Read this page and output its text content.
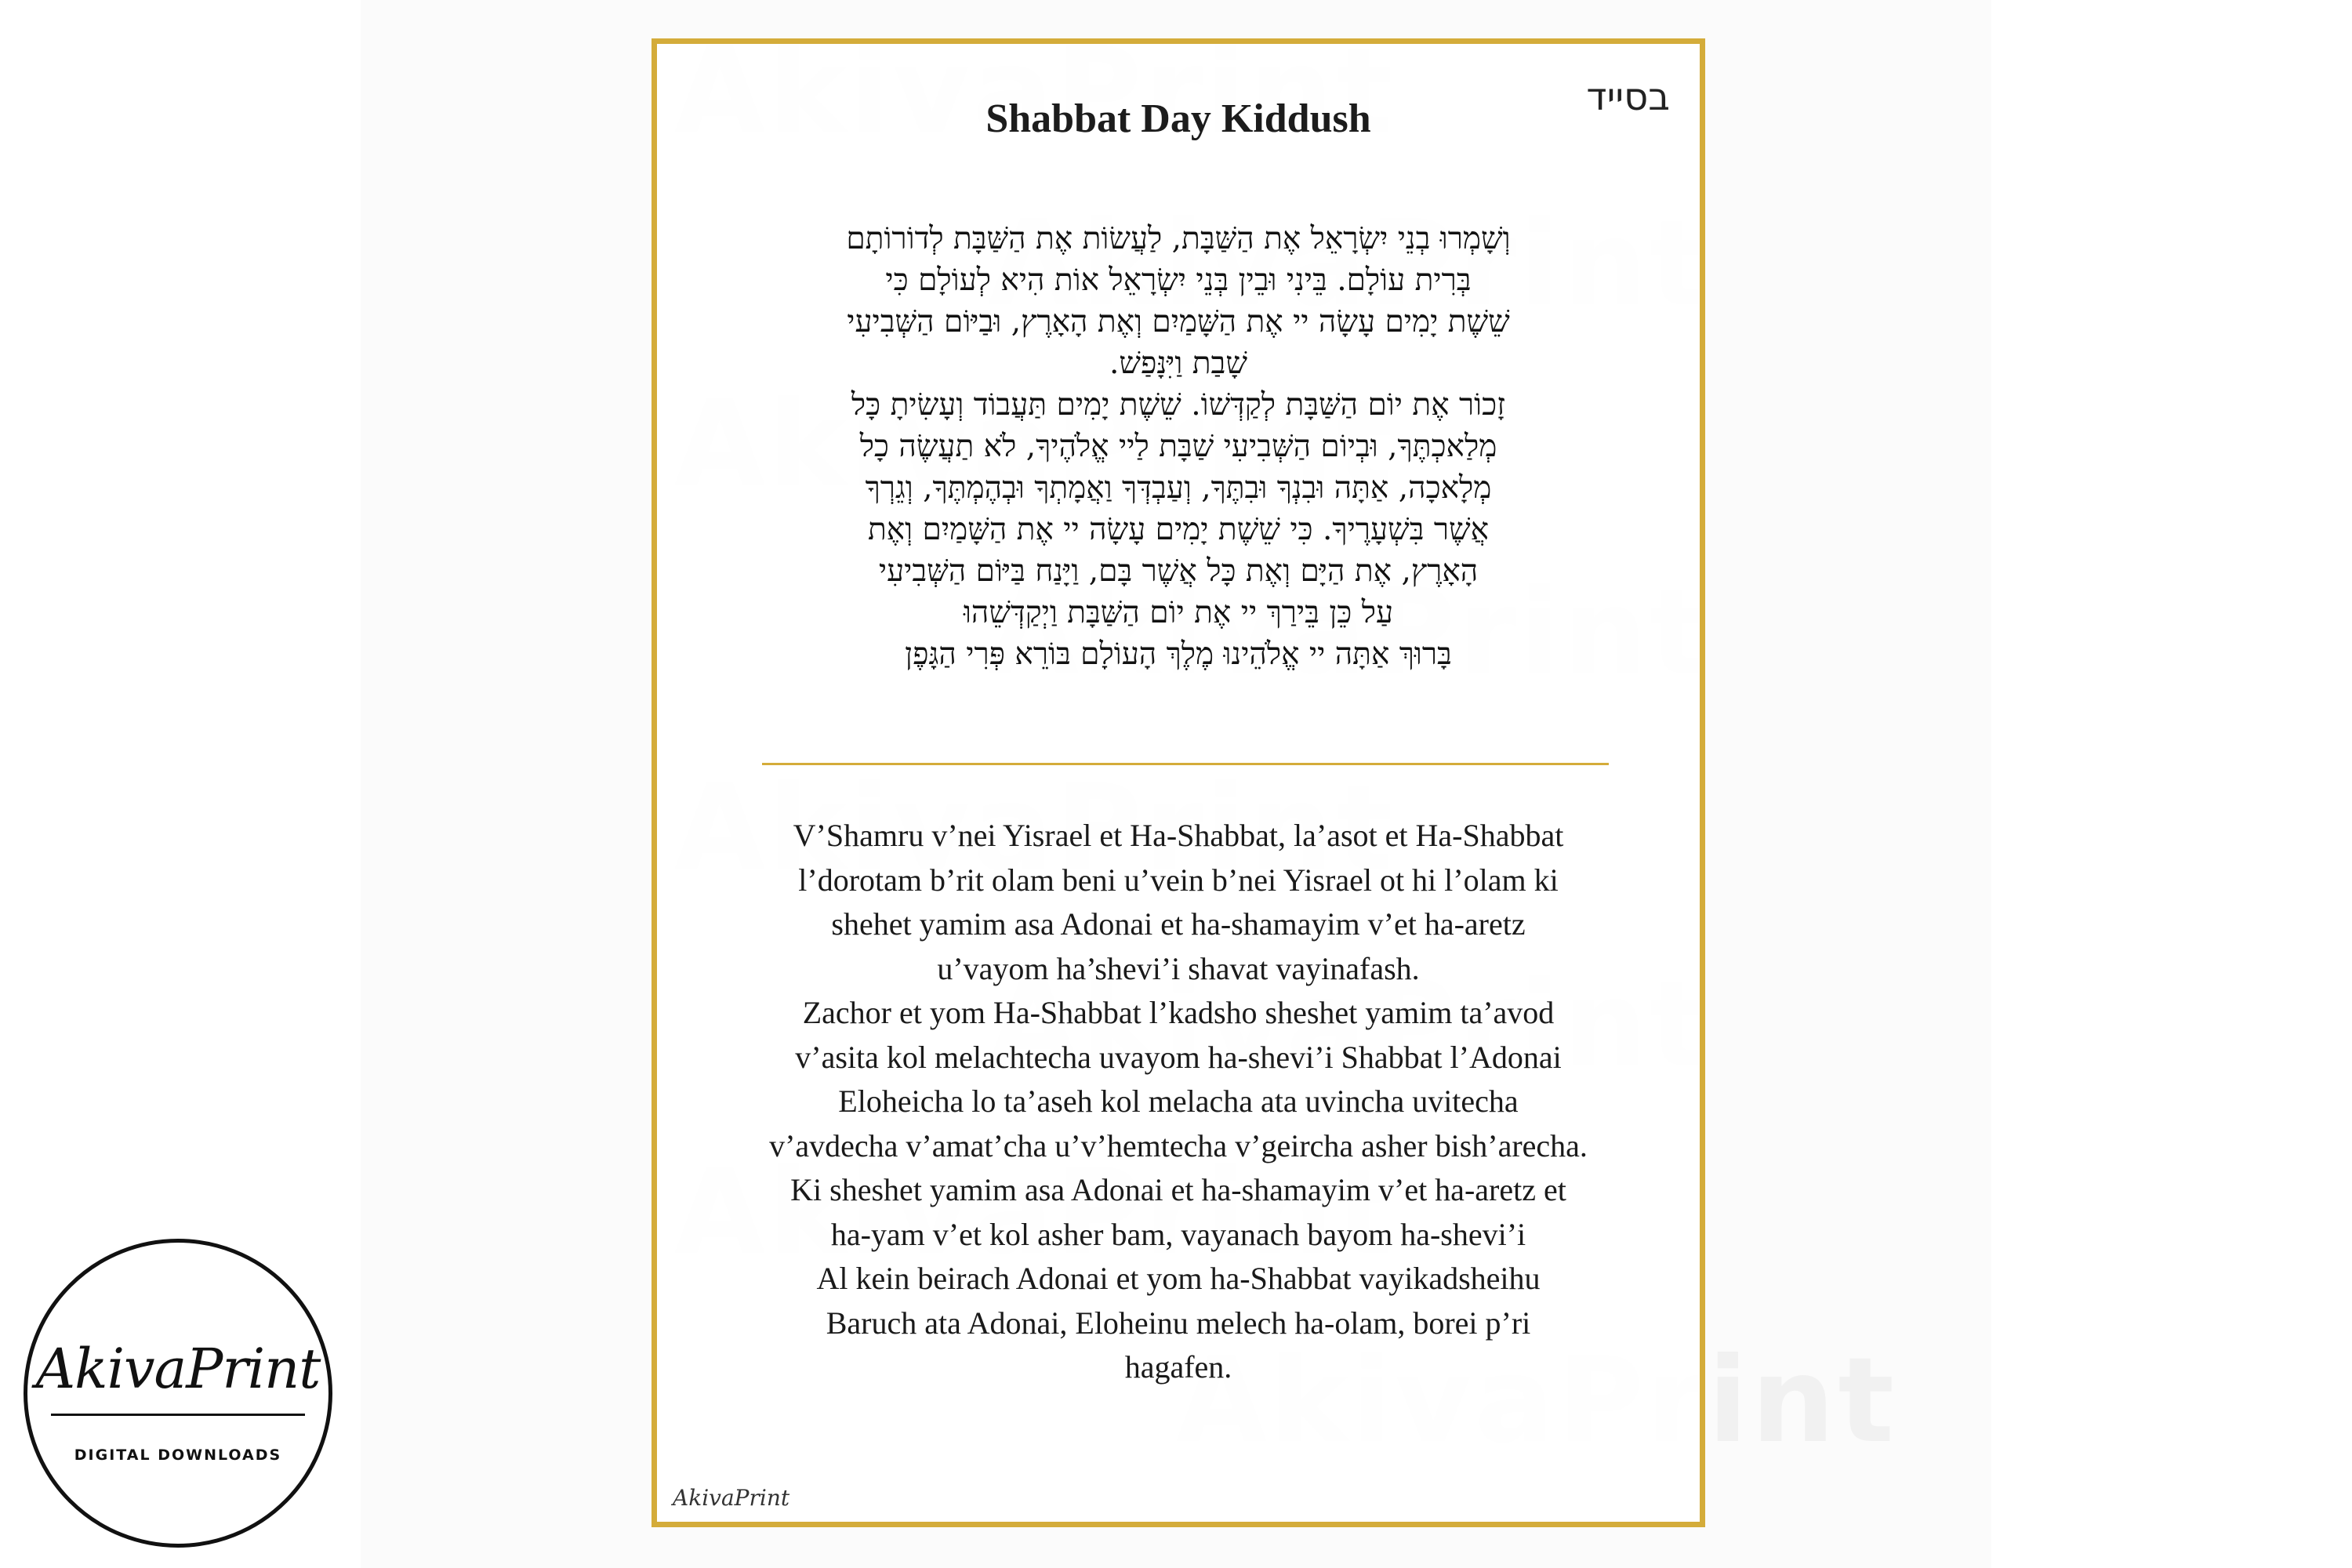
בסייד
Shabbat Day Kiddush

וְשָׁמְרוּ בְנֵי יִשְׂרָאֵל אֶת הַשַּׁבָּת, לַעֲשׂוֹת אֶת הַשַּׁבָּת לְדוֹרוֹתָם

בְּרִית עוֹלָם. בֵּינִי וּבֵין בְּנֵי יִשְׂרָאֵל אוֹת הִיא לְעוֹלָם כִּי

שֵׁשֶׁת יָמִים עָשָׂה יי אֶת הַשָּׁמַיִם וְאֶת הָאָרֶץ, וּבַיּוֹם הַשְּׁבִיעִי

שָׁבַת וַיִּנָּפַשׁ.

זָכוֹר אֶת יוֹם הַשַּׁבָּת לְקַדְּשׁוֹ. שֵׁשֶׁת יָמִים תַּעֲבוֹד וְעָשִׂיתָ כָּל

מְלַאכְתֶּךָ, וּבְיוֹם הַשְּׁבִיעִי שַׁבָּת לַיי אֱלֹהֶיךָ, לֹא תַעֲשֶׂה כָל

מְלָאכָה, אַתָּה וּבִנְךָ וּבִתֶּךָ, וְעַבְדְּךָ וַאֲמָתְךָ וּבְהֶמְתֶּךָ, וְגֵרְךָ

אֲשֶׁר בִּשְׁעָרֶיךָ. כִּי שֵׁשֶׁת יָמִים עָשָׂה יי אֶת הַשָּׁמַיִם וְאֶת

הָאָרֶץ, אֶת הַיָּם וְאֶת כָּל אֲשֶׁר בָּם, וַיָּנַח בַּיּוֹם הַשְּׁבִיעִי

עַל כֵּן בֵּירַךְ יי אֶת יוֹם הַשַּׁבָּת וַיְקַדְּשֵׁהוּ

בָּרוּךְ אַתָּה יי אֱלֹהֵינוּ מֶלֶךְ הָעוֹלָם בּוֹרֵא פְּרִי הַגָּפֶן

V’Shamru v’nei Yisrael et Ha-Shabbat, la’asot et Ha-Shabbat

l’dorotam b’rit olam beni u’vein b’nei Yisrael ot hi l’olam ki

shehet yamim asa Adonai et ha-shamayim v’et ha-aretz

u’vayom ha’shevi’i shavat vayinafash.

Zachor et yom Ha-Shabbat l’kadsho sheshet yamim ta’avod

v’asita kol melachtecha uvayom ha-shevi’i Shabbat l’Adonai

Eloheicha lo ta’aseh kol melacha ata uvincha uvitecha

v’avdecha v’amat’cha u’v’hemtecha v’geircha asher bish’arecha.

Ki sheshet yamim asa Adonai et ha-shamayim v’et ha-aretz et

ha-yam v’et kol asher bam, vayanach bayom ha-shevi’i

Al kein beirach Adonai et yom ha-Shabbat vayikadsheihu

Baruch ata Adonai, Eloheinu melech ha-olam, borei p’ri

hagafen.

AkivaPrint
AkivaPrint
DIGITAL DOWNLOADS
